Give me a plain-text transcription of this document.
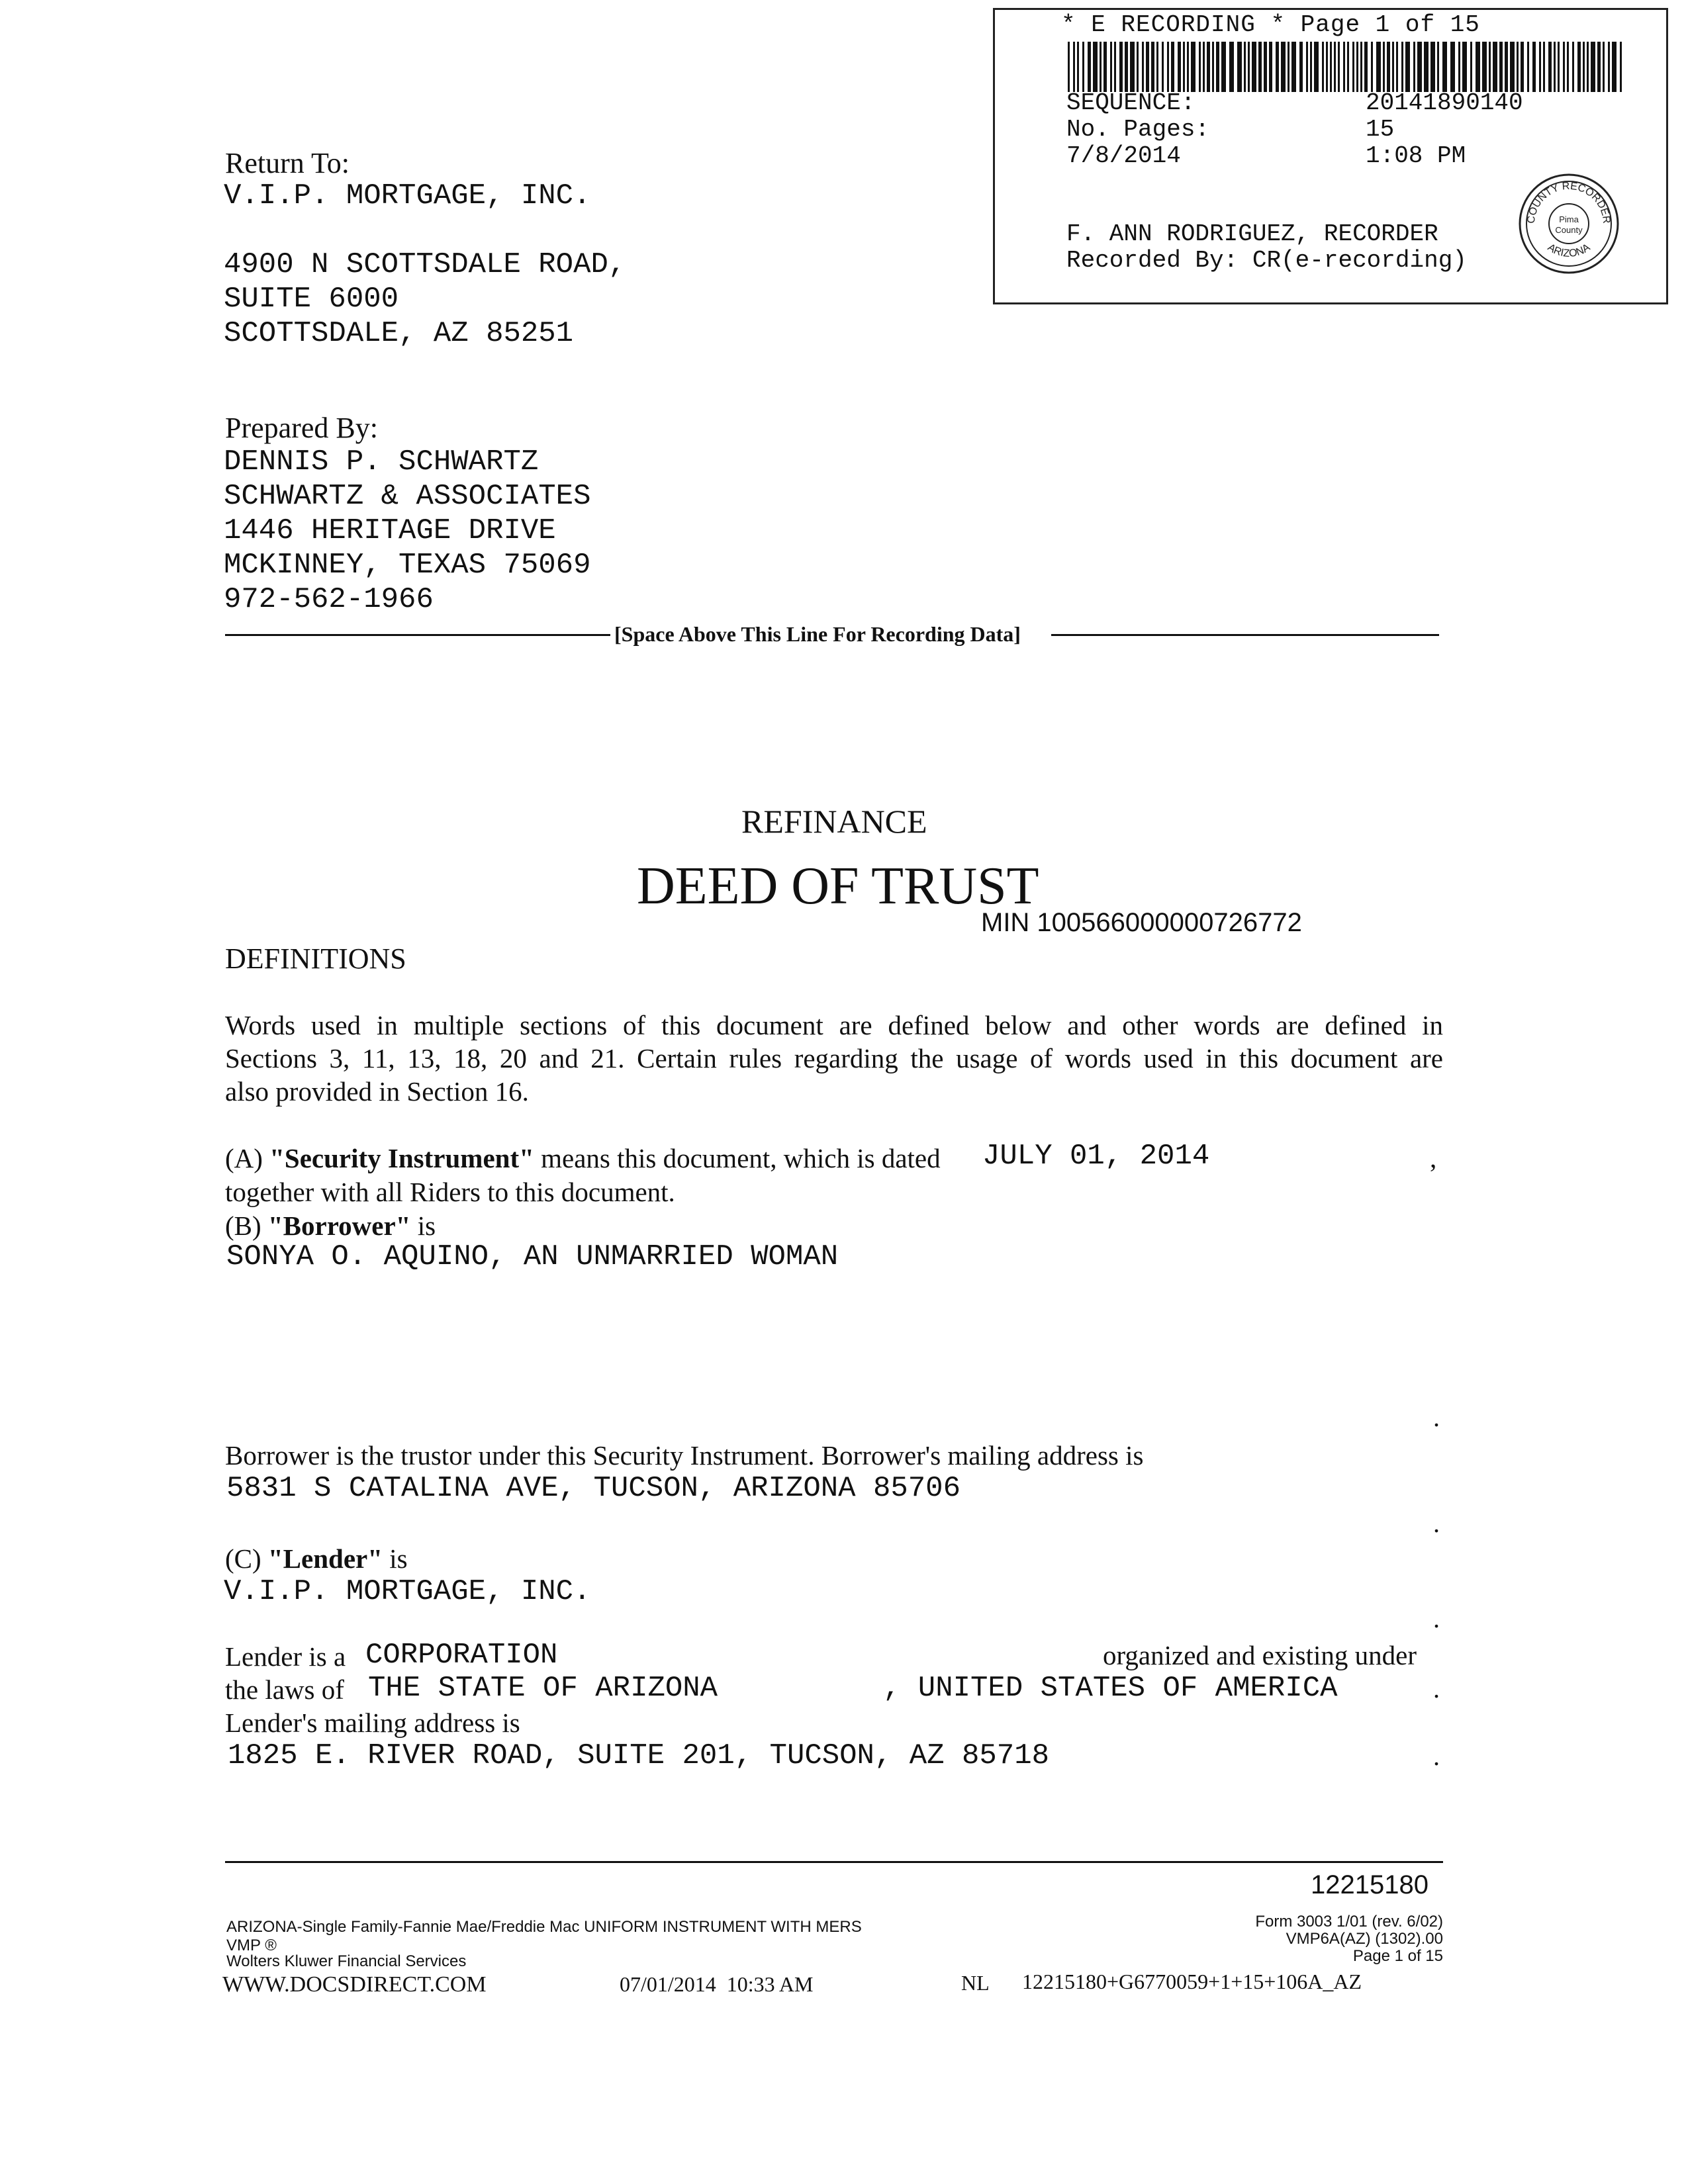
* E RECORDING * Page 1 of 15
SEQUENCE:	20141890140
No. Pages:	15
7/8/2014	1:08 PM
F. ANN RODRIGUEZ, RECORDER
Recorded By: CR(e-recording)
COUNTY RECORDER
ARIZONA
Pima
County
Return To:
V.I.P. MORTGAGE, INC.
4900 N SCOTTSDALE ROAD,
SUITE 6000
SCOTTSDALE, AZ 85251
Prepared By:
DENNIS P. SCHWARTZ
SCHWARTZ & ASSOCIATES
1446 HERITAGE DRIVE
MCKINNEY, TEXAS 75069
972-562-1966
[Space Above This Line For Recording Data]
REFINANCE
DEED OF TRUST
MIN 100566000000726772
DEFINITIONS
Words used in multiple sections of this document are defined below and other words are defined in
Sections 3, 11, 13, 18, 20 and 21. Certain rules regarding the usage of words used in this document are
also provided in Section 16.
(A) "Security Instrument" means this document, which is dated JULY 01, 2014	,
together with all Riders to this document.
(B) "Borrower" is
SONYA O. AQUINO, AN UNMARRIED WOMAN
.
Borrower is the trustor under this Security Instrument. Borrower's mailing address is
5831 S CATALINA AVE, TUCSON, ARIZONA 85706
.
(C) "Lender" is
V.I.P. MORTGAGE, INC.
.
Lender is a CORPORATION	organized and existing under
the laws of THE STATE OF ARIZONA	, UNITED STATES OF AMERICA	.
Lender's mailing address is
1825 E. RIVER ROAD, SUITE 201, TUCSON, AZ 85718	.
12215180
ARIZONA-Single Family-Fannie Mae/Freddie Mac UNIFORM INSTRUMENT WITH MERS
VMP ®
Wolters Kluwer Financial Services
WWW.DOCSDIRECT.COM	07/01/2014  10:33 AM	NL 12215180+G6770059+1+15+106A_AZ
Form 3003 1/01 (rev. 6/02)
VMP6A(AZ) (1302).00
Page 1 of 15
